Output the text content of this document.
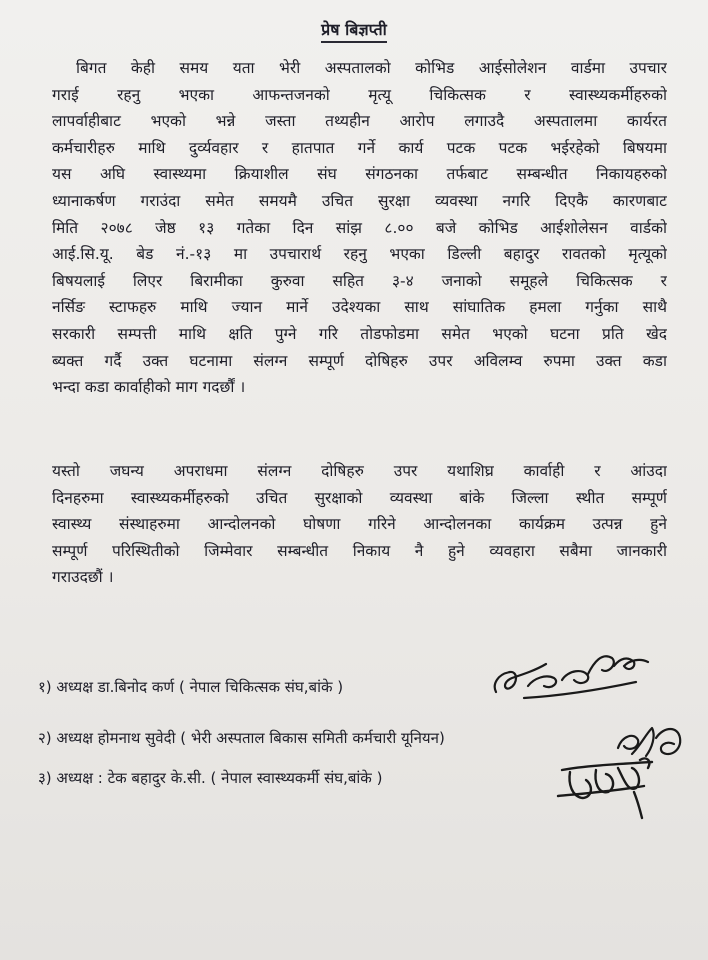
प्रेष बिज्ञप्ती

बिगत केही समय यता भेरी अस्पतालको कोभिड आईसोलेशन वार्डमा उपचार
गराई रहनु भएका आफन्तजनको मृत्यू चिकित्सक र स्वास्थ्यकर्मीहरुको
लापर्वाहीबाट भएको भन्ने जस्ता तथ्यहीन आरोप लगाउदै अस्पतालमा कार्यरत
कर्मचारीहरु माथि दुर्व्यवहार र हातपात गर्ने कार्य पटक पटक भईरहेको बिषयमा
यस अघि स्वास्थ्यमा क्रियाशील संघ संगठनका तर्फबाट सम्बन्धीत निकायहरुको
ध्यानाकर्षण गराउंदा समेत समयमै उचित सुरक्षा व्यवस्था नगरि दिएकै कारणबाट
मिति २०७८ जेष्ठ १३ गतेका दिन सांझ ८.०० बजे कोभिड आईशोलेसन वार्डको
आई.सि.यू. बेड नं.-१३ मा उपचारार्थ रहनु भएका डिल्ली बहादुर रावतको मृत्यूको
बिषयलाई लिएर बिरामीका कुरुवा सहित ३-४ जनाको समूहले चिकित्सक र
नर्सिङ स्टाफहरु माथि ज्यान मार्ने उदेश्यका साथ सांघातिक हमला गर्नुका साथै
सरकारी सम्पत्ती माथि क्षति पुग्ने गरि तोडफोडमा समेत भएको घटना प्रति खेद
ब्यक्त गर्दै उक्त घटनामा संलग्न सम्पूर्ण दोषिहरु उपर अविलम्व रुपमा उक्त कडा
भन्दा कडा कार्वाहीको माग गदर्छौं ।

यस्तो जघन्य अपराधमा संलग्न दोषिहरु उपर यथाशिघ्र कार्वाही र आंउदा
दिनहरुमा स्वास्थ्यकर्मीहरुको उचित सुरक्षाको व्यवस्था बांके जिल्ला स्थीत सम्पूर्ण
स्वास्थ्य संस्थाहरुमा आन्दोलनको घोषणा गरिने आन्दोलनका कार्यक्रम उत्पन्न हुने
सम्पूर्ण परिस्थितीको जिम्मेवार सम्बन्धीत निकाय नै हुने व्यवहारा सबैमा जानकारी
गराउदछौं ।

१) अध्यक्ष डा.बिनोद कर्ण ( नेपाल चिकित्सक संघ,बांके )
२) अध्यक्ष होमनाथ सुवेदी ( भेरी अस्पताल बिकास समिती कर्मचारी यूनियन)
३) अध्यक्ष : टेक बहादुर के.सी. ( नेपाल स्वास्थ्यकर्मी संघ,बांके )
